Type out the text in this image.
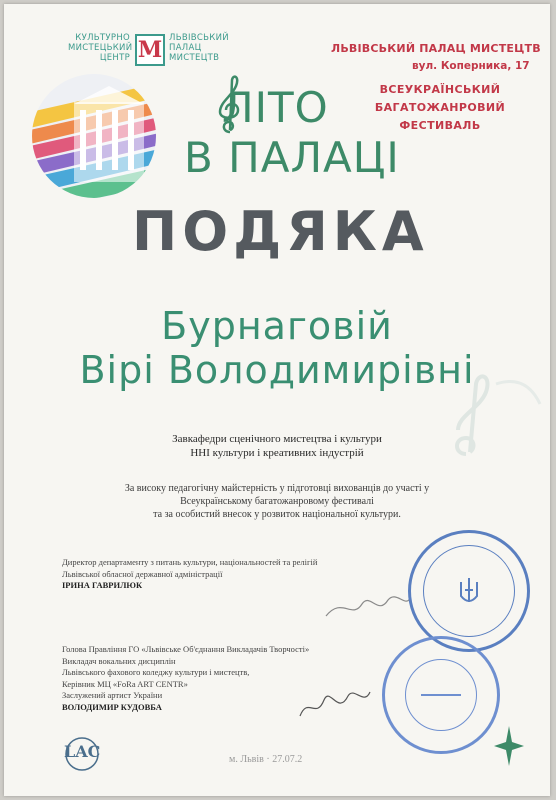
КУЛЬТУРНО
МИСТЕЦЬКИЙ
ЦЕНТР М ЛЬВІВСЬКИЙ
ПАЛАЦ
МИСТЕЦТВ
ЛЬВІВСЬКИЙ ПАЛАЦ МИСТЕЦТВ
вул. Коперника, 17
ВСЕУКРАЇНСЬКИЙ
БАГАТОЖАНРОВИЙ
ФЕСТИВАЛЬ
ЛІТО
В ПАЛАЦІ
ПОДЯКА
Бурнаговій
Вірі Володимирівні
Завкафедри сценічного мистецтва і культури
ННІ культури і креативних індустрій
За високу педагогічну майстерність у підготовці вихованців до участі у
Всеукраїнському багатожанровому фестивалі
та за особистий внесок у розвиток національної культури.
Директор департаменту з питань культури, національностей та релігій
Львівської обласної державної адміністрації
ІРИНА ГАВРИЛЮК
Голова Правління ГО «Львівське Об'єднання Викладачів Творчості»
Викладач вокальних дисциплін
Львівського фахового коледжу культури і мистецтв,
Керівник МЦ «FoRa ART CENTR»
Заслужений артист України
ВОЛОДИМИР КУДОВБА
LAC	м. Львів · 27.07.2
